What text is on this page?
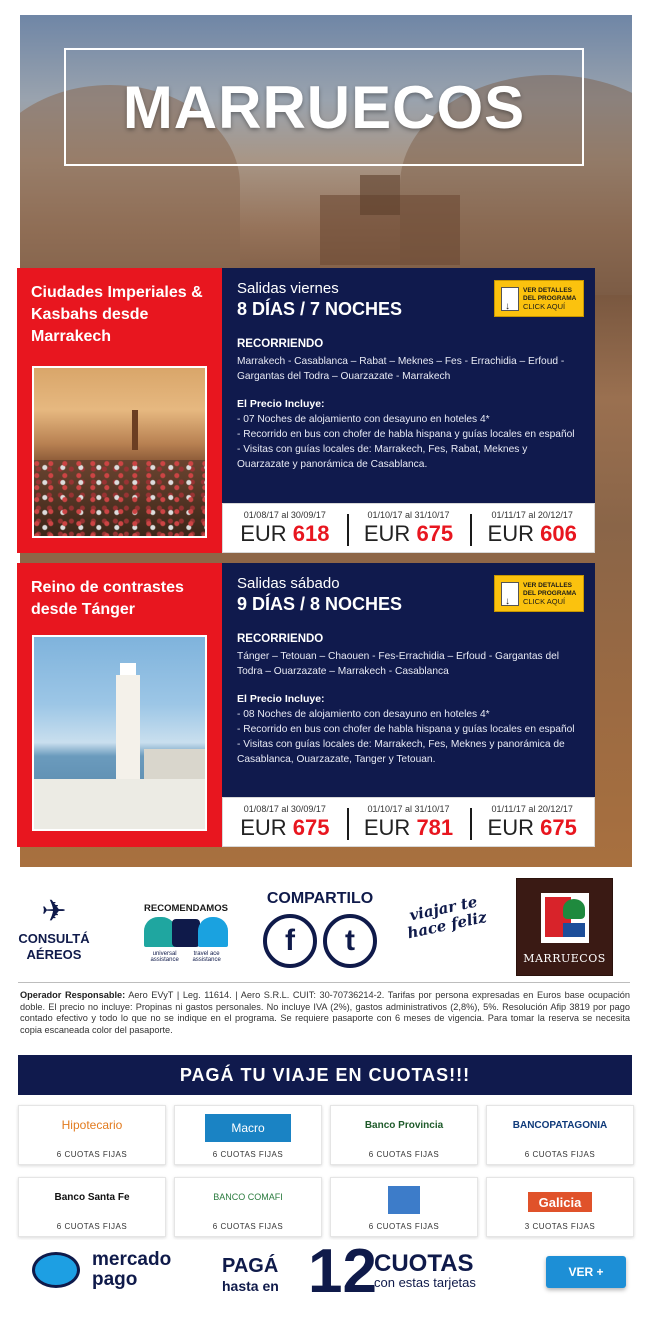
MARRUECOS
Ciudades Imperiales & Kasbahs desde Marrakech
Salidas viernes
8 DÍAS / 7 NOCHES
↓
VER DETALLES
DEL PROGRAMA
CLICK AQUÍ
RECORRIENDO
Marrakech - Casablanca – Rabat – Meknes – Fes - Errachidia – Erfoud - Gargantas del Todra – Ouarzazate - Marrakech
El Precio Incluye:
- 07 Noches de alojamiento con desayuno en hoteles 4*
- Recorrido en bus con chofer de habla hispana y guías locales en español
- Visitas con guías locales de: Marrakech, Fes, Rabat, Meknes y Ouarzazate y panorámica de Casablanca.
01/08/17 al 30/09/17
EUR 618
01/10/17 al 31/10/17
EUR 675
01/11/17 al 20/12/17
EUR 606
Reino de contrastes desde Tánger
Salidas sábado
9 DÍAS / 8 NOCHES
↓
VER DETALLES
DEL PROGRAMA
CLICK AQUÍ
RECORRIENDO
Tánger – Tetouan – Chaouen - Fes-Errachidia – Erfoud - Gargantas del Todra – Ouarzazate – Marrakech - Casablanca
El Precio Incluye:
- 08 Noches de alojamiento con desayuno en hoteles 4*
- Recorrido en bus con chofer de habla hispana y guías locales en español
- Visitas con guías locales de: Marrakech, Fes, Meknes y panorámica de Casablanca, Ouarzazate, Tanger y Tetouan.
01/08/17 al 30/09/17
EUR 675
01/10/17 al 31/10/17
EUR 781
01/11/17 al 20/12/17
EUR 675
✈
CONSULTÁ
AÉREOS
RECOMENDAMOS
universal assistance
travel ace assistance
COMPARTILO
f	t
viajar te hace feliz
MARRUECOS
Operador Responsable: Aero EVyT | Leg. 11614. | Aero S.R.L. CUIT: 30-70736214-2. Tarifas por persona expresadas en Euros base ocupación doble. El precio no incluye: Propinas ni gastos personales. No incluye IVA (2%), gastos administrativos (2,8%), 5%. Resolución Afip 3819 por pago contado efectivo y todo lo que no se indique en el programa. Se requiere pasaporte con 6 meses de vigencia. Para tomar la reserva se necesita copia escaneada color del pasaporte.
PAGÁ TU VIAJE EN CUOTAS!!!
Hipotecario
6 CUOTAS FIJAS
Macro
6 CUOTAS FIJAS
Banco Provincia
6 CUOTAS FIJAS
BANCOPATAGONIA
6 CUOTAS FIJAS
Banco Santa Fe
6 CUOTAS FIJAS
BANCO COMAFI
6 CUOTAS FIJAS	6 CUOTAS FIJAS
Galicia
3 CUOTAS FIJAS
mercado
pago
PAGÁ
hasta en 12
CUOTAS
con estas tarjetas
VER +
